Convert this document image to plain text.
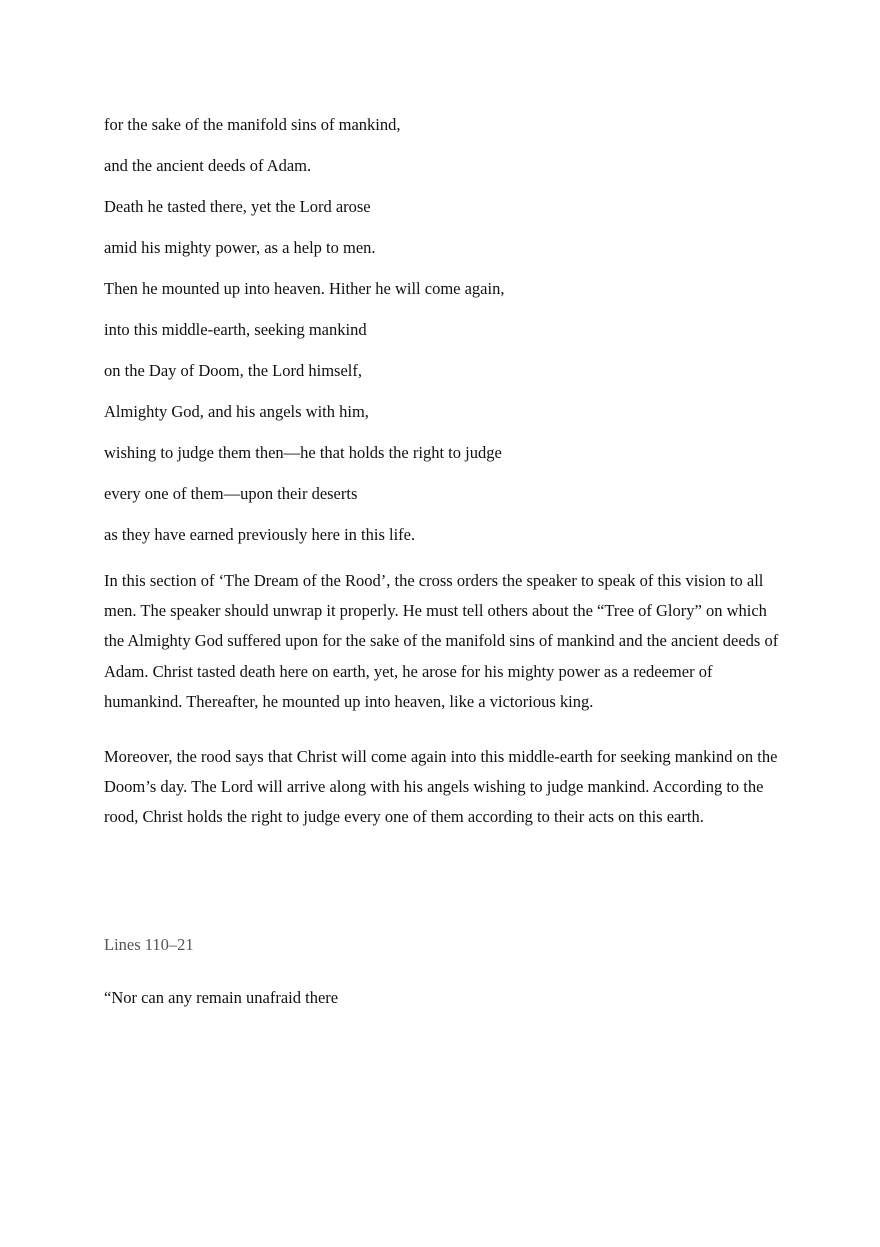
for the sake of the manifold sins of mankind,

and the ancient deeds of Adam.

Death he tasted there, yet the Lord arose

amid his mighty power, as a help to men.

Then he mounted up into heaven. Hither he will come again,

into this middle-earth, seeking mankind

on the Day of Doom, the Lord himself,

Almighty God, and his angels with him,

wishing to judge them then—he that holds the right to judge

every one of them—upon their deserts

as they have earned previously here in this life.

In this section of ‘The Dream of the Rood’, the cross orders the speaker to speak of this vision to all men. The speaker should unwrap it properly. He must tell others about the “Tree of Glory” on which the Almighty God suffered upon for the sake of the manifold sins of mankind and the ancient deeds of Adam. Christ tasted death here on earth, yet, he arose for his mighty power as a redeemer of humankind. Thereafter, he mounted up into heaven, like a victorious king.

Moreover, the rood says that Christ will come again into this middle-earth for seeking mankind on the Doom’s day. The Lord will arrive along with his angels wishing to judge mankind. According to the rood, Christ holds the right to judge every one of them according to their acts on this earth.

Lines 110–21

“Nor can any remain unafraid there
